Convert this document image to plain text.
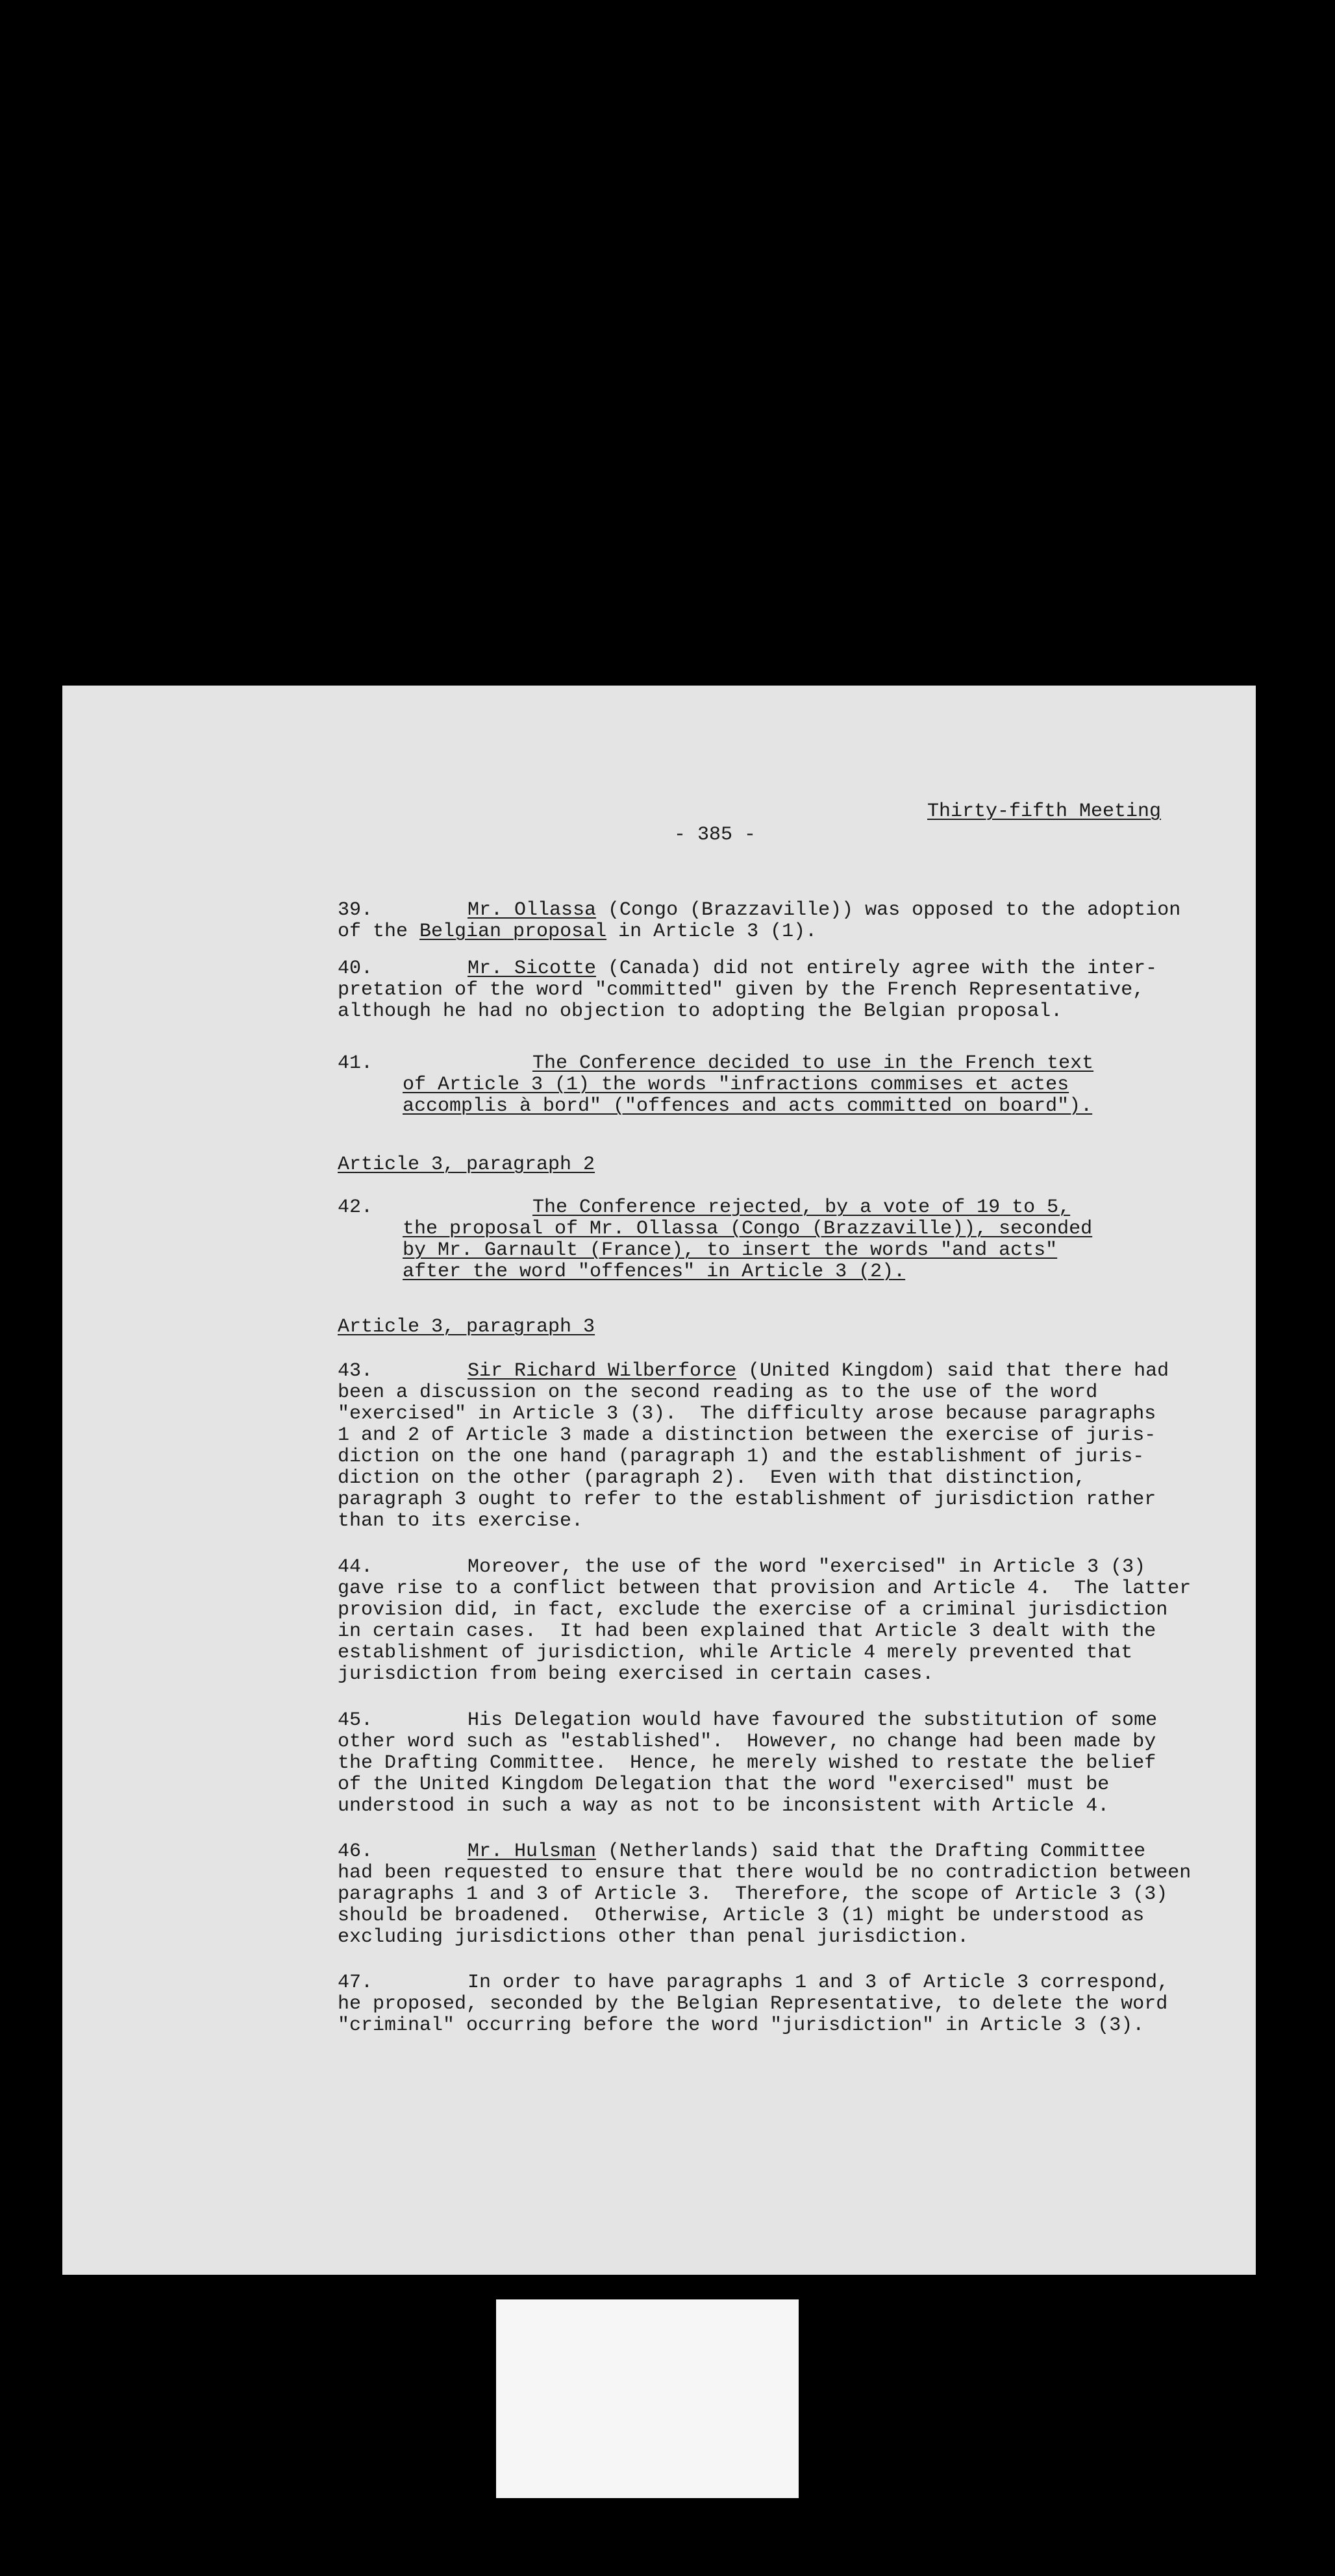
Thirty-fifth Meeting
- 385 -
39.	Mr. Ollassa (Congo (Brazzaville)) was opposed to the adoption
of the Belgian proposal in Article 3 (1).
40.	Mr. Sicotte (Canada) did not entirely agree with the inter-
pretation of the word "committed" given by the French Representative,
although he had no objection to adopting the Belgian proposal.
41.	The Conference decided to use in the French text
of Article 3 (1) the words "infractions commises et actes
accomplis à bord" ("offences and acts committed on board").
Article 3, paragraph 2
42.	The Conference rejected, by a vote of 19 to 5,
the proposal of Mr. Ollassa (Congo (Brazzaville)), seconded
by Mr. Garnault (France), to insert the words "and acts"
after the word "offences" in Article 3 (2).
Article 3, paragraph 3
43.	Sir Richard Wilberforce (United Kingdom) said that there had
been a discussion on the second reading as to the use of the word
"exercised" in Article 3 (3).  The difficulty arose because paragraphs
1 and 2 of Article 3 made a distinction between the exercise of juris-
diction on the one hand (paragraph 1) and the establishment of juris-
diction on the other (paragraph 2).  Even with that distinction,
paragraph 3 ought to refer to the establishment of jurisdiction rather
than to its exercise.
44.	Moreover, the use of the word "exercised" in Article 3 (3)
gave rise to a conflict between that provision and Article 4.  The latter
provision did, in fact, exclude the exercise of a criminal jurisdiction
in certain cases.  It had been explained that Article 3 dealt with the
establishment of jurisdiction, while Article 4 merely prevented that
jurisdiction from being exercised in certain cases.
45.	His Delegation would have favoured the substitution of some
other word such as "established".  However, no change had been made by
the Drafting Committee.  Hence, he merely wished to restate the belief
of the United Kingdom Delegation that the word "exercised" must be
understood in such a way as not to be inconsistent with Article 4.
46.	Mr. Hulsman (Netherlands) said that the Drafting Committee
had been requested to ensure that there would be no contradiction between
paragraphs 1 and 3 of Article 3.  Therefore, the scope of Article 3 (3)
should be broadened.  Otherwise, Article 3 (1) might be understood as
excluding jurisdictions other than penal jurisdiction.
47.	In order to have paragraphs 1 and 3 of Article 3 correspond,
he proposed, seconded by the Belgian Representative, to delete the word
"criminal" occurring before the word "jurisdiction" in Article 3 (3).
